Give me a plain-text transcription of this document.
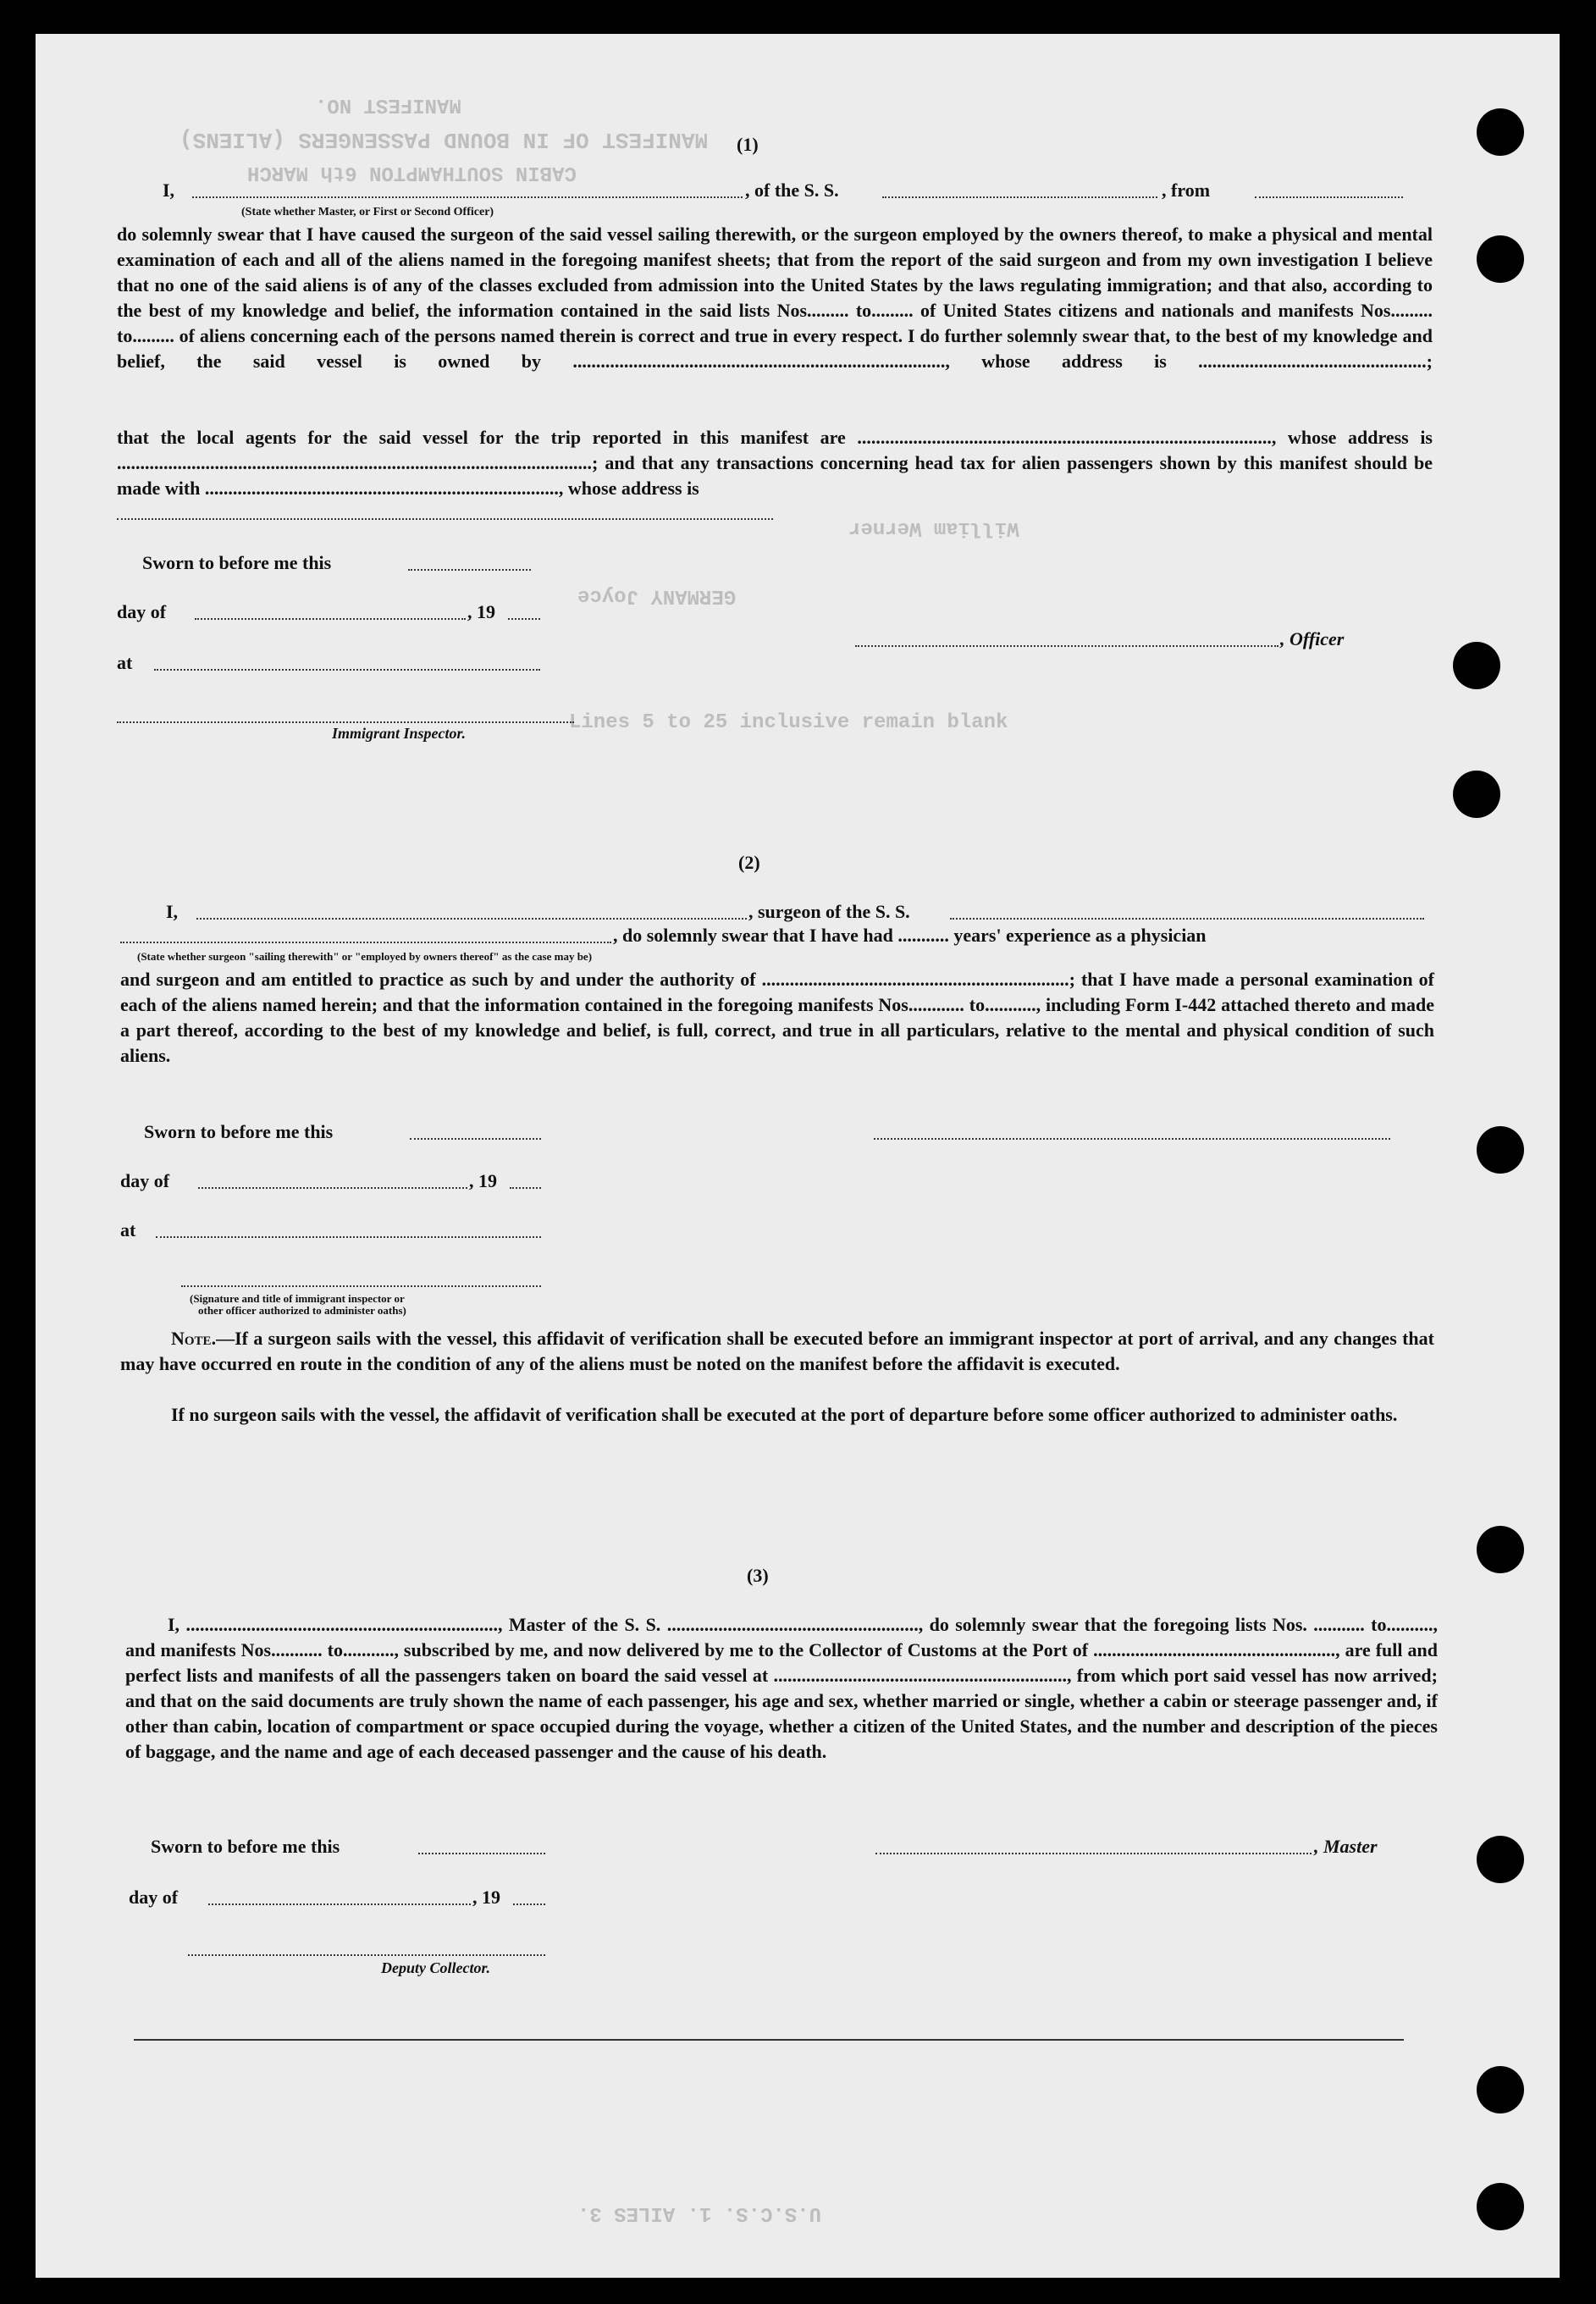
MANIFEST NO.
MANIFEST OF IN BOUND PASSENGERS (ALIENS)
CABIN SOUTHAMPTON 6th MARCH
Lines 5 to 25 inclusive remain blank
William Werner
GERMANY Joyce
U.S.C.S. 1. AILES 3.
(1)
I,	, of the S. S.	, from
(State whether Master, or First or Second Officer)
do solemnly swear that I have caused the surgeon of the said vessel sailing therewith, or the surgeon employed by the owners thereof, to make a physical and mental examination of each and all of the aliens named in the foregoing manifest sheets; that from the report of the said surgeon and from my own investigation I believe that no one of the said aliens is of any of the classes excluded from admission into the United States by the laws regulating immigration; and that also, according to the best of my knowledge and belief, the information contained in the said lists Nos......... to......... of United States citizens and nationals and manifests Nos......... to......... of aliens concerning each of the persons named therein is correct and true in every respect. I do further solemnly swear that, to the best of my knowledge and belief, the said vessel is owned by ................................................................................, whose address is .................................................;
that the local agents for the said vessel for the trip reported in this manifest are ........................................................................................., whose address is ......................................................................................................; and that any transactions concerning head tax for alien passengers shown by this manifest should be made with ............................................................................, whose address is
Sworn to before me this
day of	, 19
at
, Officer
Immigrant Inspector.
(2)
I,	, surgeon of the S. S.
, do solemnly swear that I have had ........... years' experience as a physician
(State whether surgeon "sailing therewith" or "employed by owners thereof" as the case may be)
and surgeon and am entitled to practice as such by and under the authority of ..................................................................; that I have made a personal examination of each of the aliens named herein; and that the information contained in the foregoing manifests Nos............ to..........., including Form I-442 attached thereto and made a part thereof, according to the best of my knowledge and belief, is full, correct, and true in all particulars, relative to the mental and physical condition of such aliens.
Sworn to before me this
day of	, 19
at
(Signature and title of immigrant inspector or
other officer authorized to administer oaths)
Note.—If a surgeon sails with the vessel, this affidavit of verification shall be executed before an immigrant inspector at port of arrival, and any changes that may have occurred en route in the condition of any of the aliens must be noted on the manifest before the affidavit is executed.
If no surgeon sails with the vessel, the affidavit of verification shall be executed at the port of departure before some officer authorized to administer oaths.
(3)
I, ..................................................................., Master of the S. S. ......................................................, do solemnly swear that the foregoing lists Nos. ........... to.........., and manifests Nos........... to..........., subscribed by me, and now delivered by me to the Collector of Customs at the Port of ...................................................., are full and perfect lists and manifests of all the passengers taken on board the said vessel at ..............................................................., from which port said vessel has now arrived; and that on the said documents are truly shown the name of each passenger, his age and sex, whether married or single, whether a cabin or steerage passenger and, if other than cabin, location of compartment or space occupied during the voyage, whether a citizen of the United States, and the number and description of the pieces of baggage, and the name and age of each deceased passenger and the cause of his death.
Sworn to before me this	, Master
day of	, 19
Deputy Collector.
